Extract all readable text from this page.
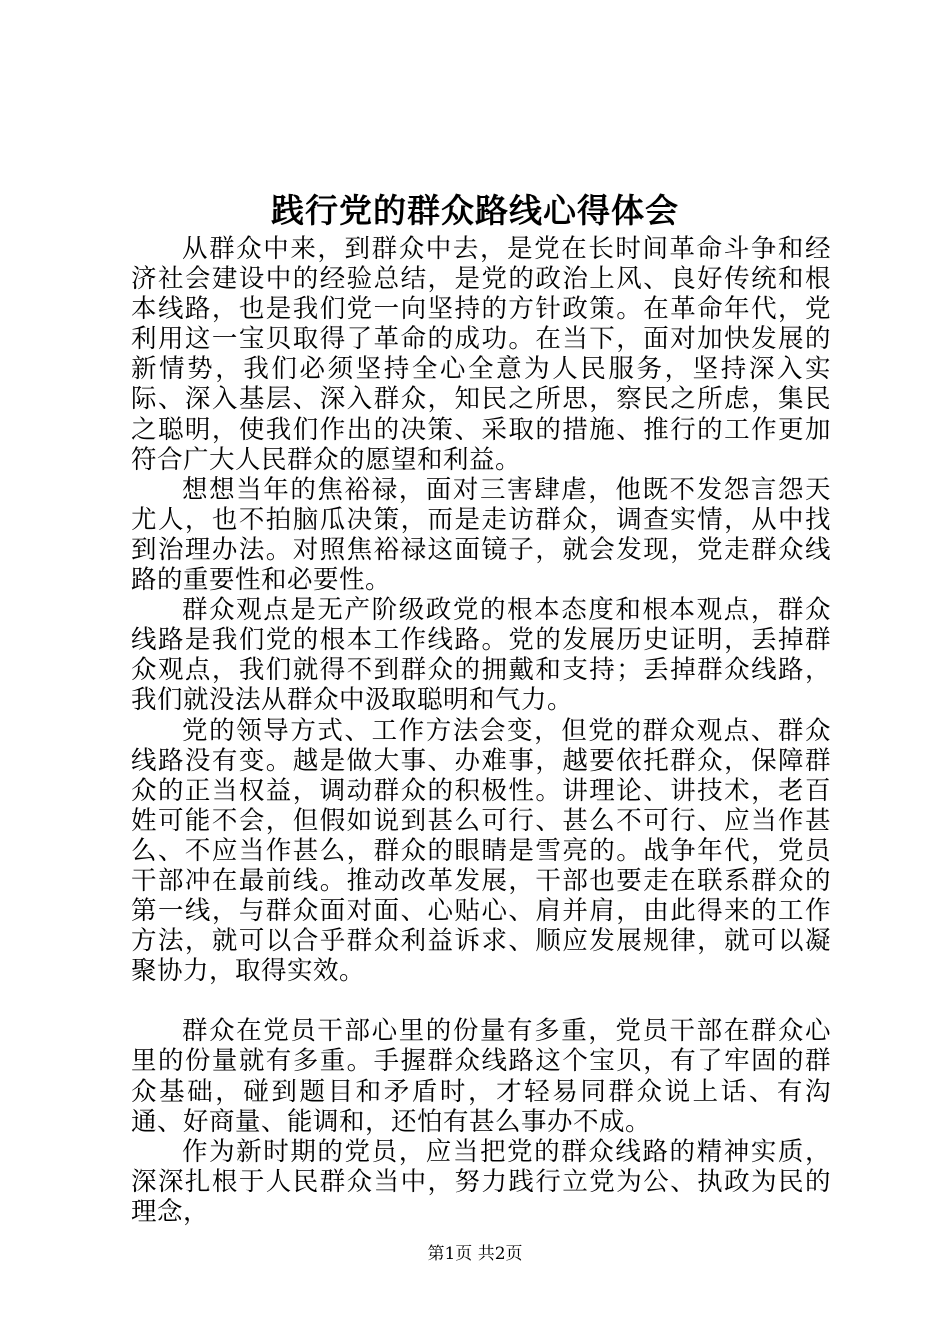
践行党的群众路线心得体会

从群众中来，到群众中去，是党在长时间革命斗争和经济社会建设中的经验总结，是党的政治上风、良好传统和根本线路，也是我们党一向坚持的方针政策。在革命年代，党利用这一宝贝取得了革命的成功。在当下，面对加快发展的新情势，我们必须坚持全心全意为人民服务，坚持深入实际、深入基层、深入群众，知民之所思，察民之所虑，集民之聪明，使我们作出的决策、采取的措施、推行的工作更加符合广大人民群众的愿望和利益。

想想当年的焦裕禄，面对三害肆虐，他既不发怨言怨天尤人，也不拍脑瓜决策，而是走访群众，调查实情，从中找到治理办法。对照焦裕禄这面镜子，就会发现，党走群众线路的重要性和必要性。

群众观点是无产阶级政党的根本态度和根本观点，群众线路是我们党的根本工作线路。党的发展历史证明，丢掉群众观点，我们就得不到群众的拥戴和支持；丢掉群众线路，我们就没法从群众中汲取聪明和气力。

党的领导方式、工作方法会变，但党的群众观点、群众线路没有变。越是做大事、办难事，越要依托群众，保障群众的正当权益，调动群众的积极性。讲理论、讲技术，老百姓可能不会，但假如说到甚么可行、甚么不可行、应当作甚么、不应当作甚么，群众的眼睛是雪亮的。战争年代，党员干部冲在最前线。推动改革发展，干部也要走在联系群众的第一线，与群众面对面、心贴心、肩并肩，由此得来的工作方法，就可以合乎群众利益诉求、顺应发展规律，就可以凝聚协力，取得实效。

群众在党员干部心里的份量有多重，党员干部在群众心里的份量就有多重。手握群众线路这个宝贝，有了牢固的群众基础，碰到题目和矛盾时，才轻易同群众说上话、有沟通、好商量、能调和，还怕有甚么事办不成。

作为新时期的党员，应当把党的群众线路的精神实质，深深扎根于人民群众当中，努力践行立党为公、执政为民的理念，

第1页 共2页
